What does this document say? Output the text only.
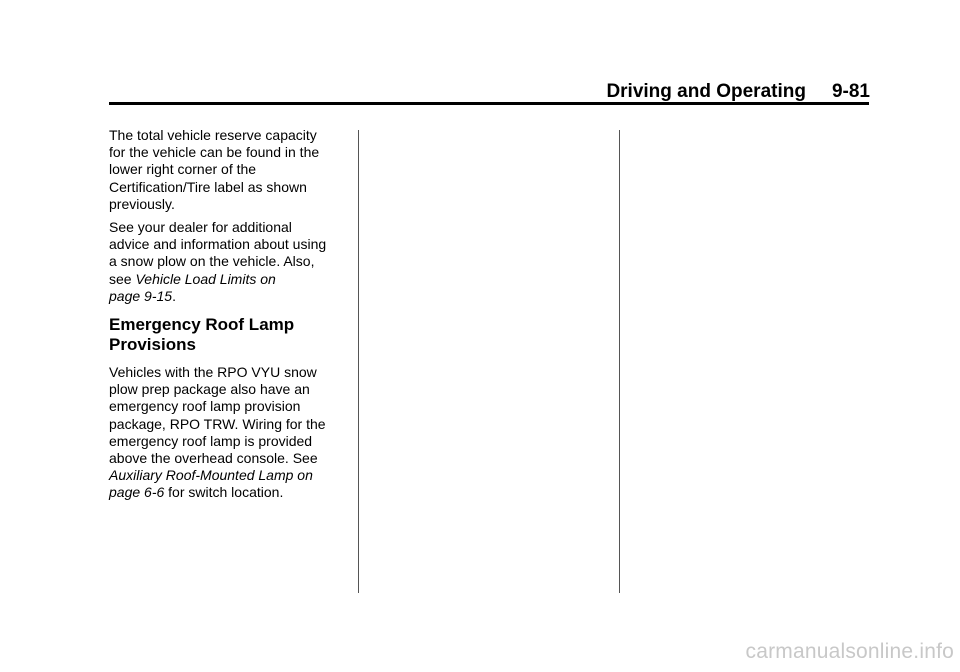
Driving and Operating 9-81

The total vehicle reserve capacity
for the vehicle can be found in the
lower right corner of the
Certification/Tire label as shown
previously.

See your dealer for additional
advice and information about using
a snow plow on the vehicle. Also,
see Vehicle Load Limits on
page 9-15.

Emergency Roof Lamp
Provisions

Vehicles with the RPO VYU snow
plow prep package also have an
emergency roof lamp provision
package, RPO TRW. Wiring for the
emergency roof lamp is provided
above the overhead console. See
Auxiliary Roof-Mounted Lamp on
page 6-6 for switch location.

carmanualsonline.info
